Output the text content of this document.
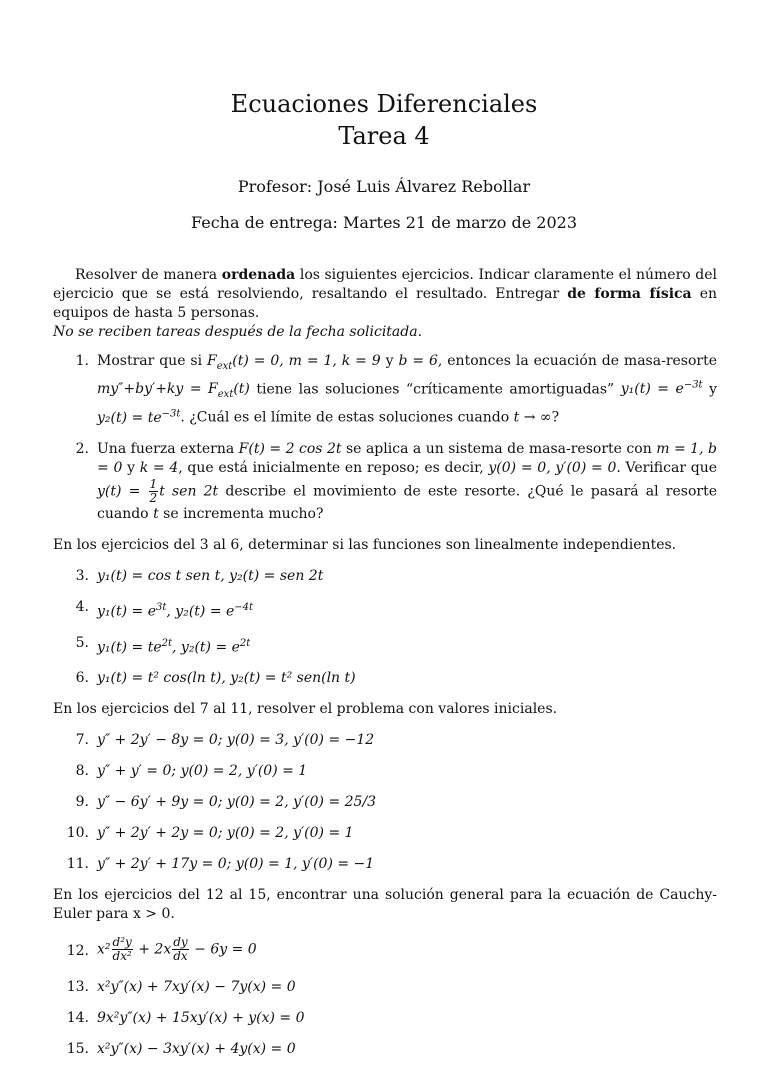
Ecuaciones Diferenciales
Tarea 4
Profesor: José Luis Álvarez Rebollar
Fecha de entrega: Martes 21 de marzo de 2023
Resolver de manera ordenada los siguientes ejercicios. Indicar claramente el número del ejercicio que se está resolviendo, resaltando el resultado. Entregar de forma física en equipos de hasta 5 personas.
No se reciben tareas después de la fecha solicitada.
1. Mostrar que si $F_{ext}(t) = 0$, m = 1, k = 9 y b = 6, entonces la ecuación de masa-resorte $my''+by'+ky = F_{ext}(t)$ tiene las soluciones “críticamente amortiguadas” $y_1(t) = e^{-3t}$ y $y_2(t) = te^{-3t}$. ¿Cuál es el límite de estas soluciones cuando t → ∞?
2. Una fuerza externa F(t) = 2 cos 2t se aplica a un sistema de masa-resorte con m = 1, b = 0 y k = 4, que está inicialmente en reposo; es decir, y(0) = 0, y′(0) = 0. Verificar que $y(t) = \frac{1}{2}$ t sen 2t describe el movimiento de este resorte. ¿Qué le pasará al resorte cuando t se incrementa mucho?

En los ejercicios del 3 al 6, determinar si las funciones son linealmente independientes.

3. y₁(t) = cos t sen t, y₂(t) = sen 2t
4. $y_1(t) = e^{3t}$, $y_2(t) = e^{-4t}$
5. $y_1(t) = te^{2t}$, $y_2(t) = e^{2t}$
6. y₁(t) = t² cos(ln t), y₂(t) = t² sen(ln t)

En los ejercicios del 7 al 11, resolver el problema con valores iniciales.

7. y″ + 2y′ − 8y = 0; y(0) = 3, y′(0) = −12
8. y″ + y′ = 0; y(0) = 2, y′(0) = 1
9. y″ − 6y′ + 9y = 0; y(0) = 2, y′(0) = 25/3
10. y″ + 2y′ + 2y = 0; y(0) = 2, y′(0) = 1
11. y″ + 2y′ + 17y = 0; y(0) = 1, y′(0) = −1

En los ejercicios del 12 al 15, encontrar una solución general para la ecuación de Cauchy-Euler para x > 0.

12. $x^2 \frac{\text{d²y}}{\text{dx²}} + 2x \frac{dy}{dx} - 6y = 0$
13. x²y″(x) + 7xy′(x) − 7y(x) = 0
14. 9x²y″(x) + 15xy′(x) + y(x) = 0
15. x²y″(x) − 3xy′(x) + 4y(x) = 0
